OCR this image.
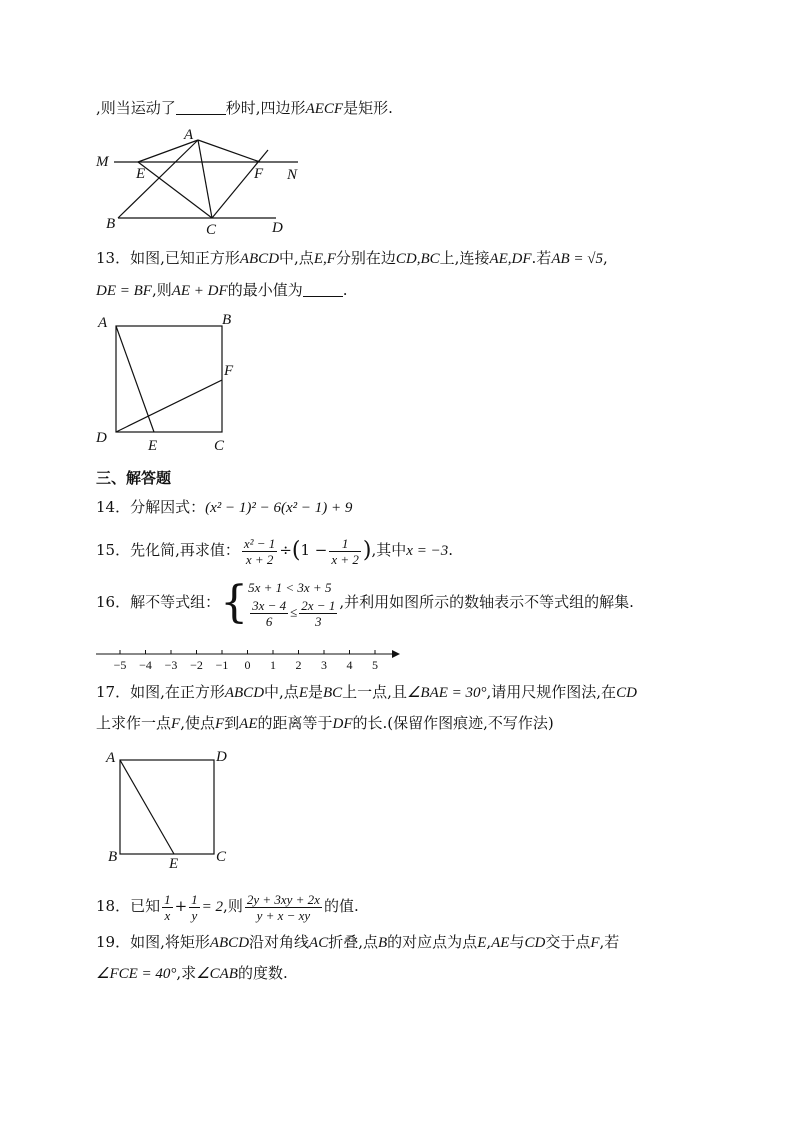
,则当运动了	秒时,四边形AECF是矩形.
A
M
E	F N
B	C	D
13．如图,已知正方形ABCD中,点E,F分别在边CD,BC上,连接AE,DF.若AB = √5,
DE = BF,则AE + DF的最小值为	.
A	B
F
D	E	C
三、解答题
14．分解因式：(x² − 1)² − 6(x² − 1) + 9
15．先化简,再求值： $\frac{\text{x² − 1}}{x + 2} \div(1 - \frac{1}{x + 2}$ ),其中x = −3.
16．解不等式组：{ 5x + 1 < 3x + 5
$\frac{3x - 4}{6} \le \frac{2x - 1}{3}$ ,并利用如图所示的数轴表示不等式组的解集.
−5 −4 −3 −2 −1 0 1 2 3 4 5
17．如图,在正方形ABCD中,点E是BC上一点,且∠BAE = 30°,请用尺规作图法,在CD
上求作一点F,使点F到AE的距离等于DF的长.(保留作图痕迹,不写作法)
A	D
B	E	C
18．已知 $\frac{1}{x} + \frac{1}{y} = 2$,则 $\frac{2y + 3xy + 2x}{y + x - xy}$ 的值.
19．如图,将矩形ABCD沿对角线AC折叠,点B的对应点为点E,AE与CD交于点F,若
∠FCE = 40°,求∠CAB的度数.
